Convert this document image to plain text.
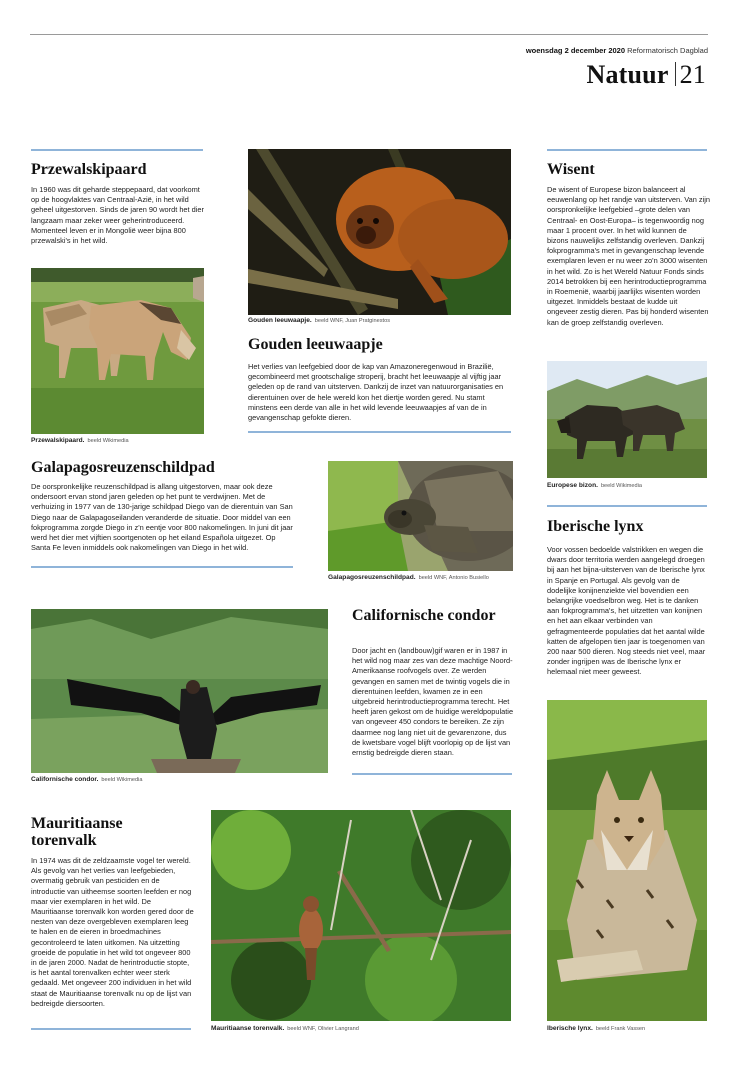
woensdag 2 december 2020 Reformatorisch Dagblad
Natuur 21
Przewalskipaard
In 1960 was dit geharde steppepaard, dat voorkomt op de hoogvlaktes van Centraal-Azië, in het wild geheel uitgestorven. Sinds de jaren 90 wordt het dier langzaam maar zeker weer geherintroduceerd. Momenteel leven er in Mongolië weer bijna 800 przewalski's in het wild.
Przewalskipaard. beeld Wikimedia
Gouden leeuwaapje. beeld WNF, Juan Pratginestos
Gouden leeuwaapje
Het verlies van leefgebied door de kap van Amazoneregenwoud in Brazilië, gecombineerd met grootschalige stroperij, bracht het leeuwaapje al vijftig jaar geleden op de rand van uitsterven. Dankzij de inzet van natuurorganisaties en dierentuinen over de hele wereld kon het diertje worden gered. Nu stamt minstens een derde van alle in het wild levende leeuwaapjes af van de in gevangenschap gefokte dieren.
Wisent
De wisent of Europese bizon balanceert al eeuwenlang op het randje van uitsterven. Van zijn oorspronkelijke leefgebied –grote delen van Centraal- en Oost-Europa– is tegenwoordig nog maar 1 procent over. In het wild kunnen de bizons nauwelijks zelfstandig overleven. Dankzij fokprogramma's met in gevangenschap levende exemplaren leven er nu weer zo'n 3000 wisenten in het wild. Zo is het Wereld Natuur Fonds sinds 2014 betrokken bij een herintroductieprogramma in Roemenië, waarbij jaarlijks wisenten worden uitgezet. Inmiddels bestaat de kudde uit ongeveer zestig dieren. Pas bij honderd wisenten kan de groep zelfstandig overleven.
Europese bizon. beeld Wikimedia
Galapagosreuzenschildpad
De oorspronkelijke reuzenschildpad is allang uitgestorven, maar ook deze ondersoort ervan stond jaren geleden op het punt te verdwijnen. Met de verhuizing in 1977 van de 130-jarige schildpad Diego van de dierentuin van San Diego naar de Galapagoseilanden veranderde de situatie. Door middel van een fokprogramma zorgde Diego in z'n eentje voor 800 nakomelingen. In juni dit jaar werd het dier met vijftien soortgenoten op het eiland Española uitgezet. Op Santa Fe leven inmiddels ook nakomelingen van Diego in het wild.
Galapagosreuzenschildpad. beeld WNF, Antonio Busiello
Iberische lynx
Voor vossen bedoelde valstrikken en wegen die dwars door territoria werden aangelegd droegen bij aan het bijna-uitsterven van de Iberische lynx in Spanje en Portugal. Als gevolg van de dodelijke konijnenziekte viel bovendien een belangrijke voedselbron weg. Het is te danken aan fokprogramma's, het uitzetten van konijnen en het aan elkaar verbinden van gefragmenteerde populaties dat het aantal wilde katten de afgelopen tien jaar is toegenomen van 200 naar 500 dieren. Nog steeds niet veel, maar zonder ingrijpen was de Iberische lynx er helemaal niet meer geweest.
Iberische lynx. beeld Frank Vassen
Californische condor. beeld Wikimedia
Californische condor
Door jacht en (landbouw)gif waren er in 1987 in het wild nog maar zes van deze machtige Noord-Amerikaanse roofvogels over. Ze werden gevangen en samen met de twintig vogels die in dierentuinen leefden, kwamen ze in een uitgebreid herintroductieprogramma terecht. Het heeft jaren gekost om de huidige wereldpopulatie van ongeveer 450 condors te bereiken. Ze zijn daarmee nog lang niet uit de gevarenzone, dus de kwetsbare vogel blijft voorlopig op de lijst van ernstig bedreigde dieren staan.
Mauritiaanse torenvalk
In 1974 was dit de zeldzaamste vogel ter wereld. Als gevolg van het verlies van leefgebieden, overmatig gebruik van pesticiden en de introductie van uitheemse soorten leefden er nog maar vier exemplaren in het wild. De Mauritiaanse torenvalk kon worden gered door de nesten van deze overgebleven exemplaren leeg te halen en de eieren in broedmachines gecontroleerd te laten uitkomen. Na uitzetting groeide de populatie in het wild tot ongeveer 800 in de jaren 2000. Nadat de herintroductie stopte, is het aantal torenvalken echter weer sterk gedaald. Met ongeveer 200 individuen in het wild staat de Mauritiaanse torenvalk nu op de lijst van bedreigde diersoorten.
Mauritiaanse torenvalk. beeld WNF, Olivier Langrand
